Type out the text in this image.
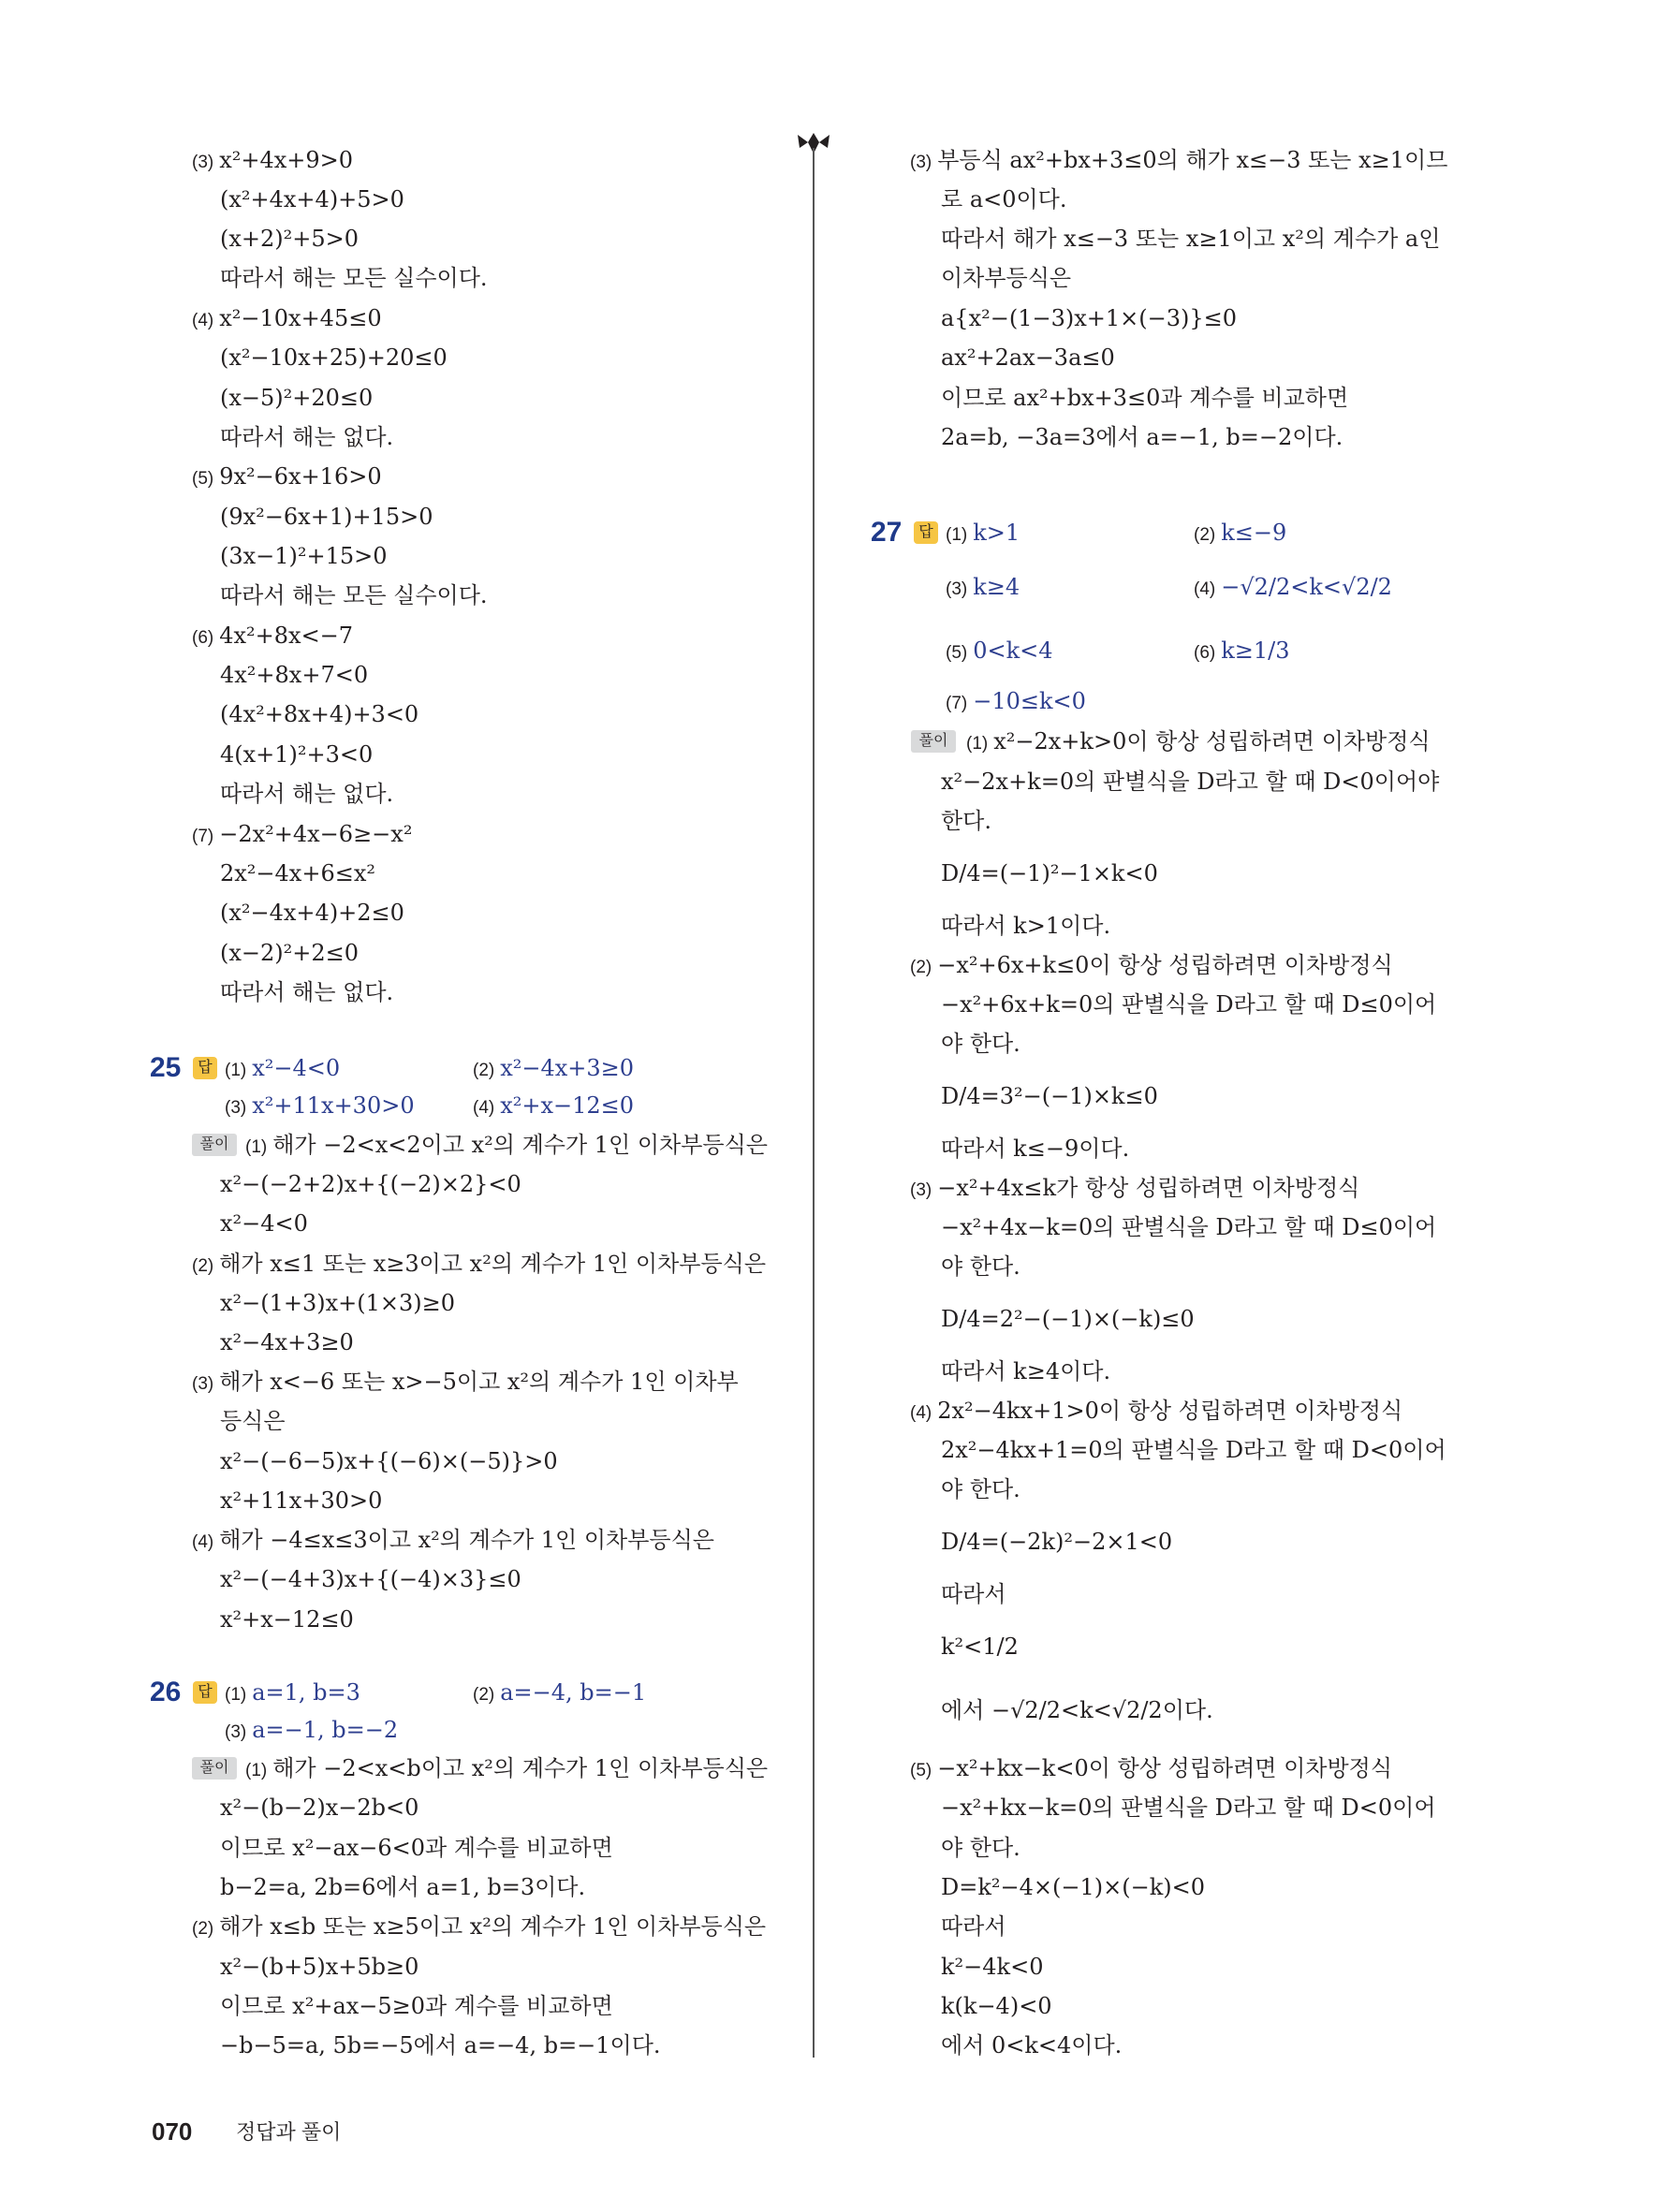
(3) x²+4x+9>0
(x²+4x+4)+5>0
(x+2)²+5>0
따라서 해는 모든 실수이다.
(4) x²−10x+45≤0
(x²−10x+25)+20≤0
(x−5)²+20≤0
따라서 해는 없다.
(5) 9x²−6x+16>0
(9x²−6x+1)+15>0
(3x−1)²+15>0
따라서 해는 모든 실수이다.
(6) 4x²+8x<−7
4x²+8x+7<0
(4x²+8x+4)+3<0
4(x+1)²+3<0
따라서 해는 없다.
(7) −2x²+4x−6≥−x²
2x²−4x+6≤x²
(x²−4x+4)+2≤0
(x−2)²+2≤0
따라서 해는 없다.
25	답 (1) x²−4<0	(2) x²−4x+3≥0
(3) x²+11x+30>0	(4) x²+x−12≤0
풀이 (1) 해가 −2<x<2이고 x²의 계수가 1인 이차부등식은
x²−(−2+2)x+{(−2)×2}<0
x²−4<0
(2) 해가 x≤1 또는 x≥3이고 x²의 계수가 1인 이차부등식은
x²−(1+3)x+(1×3)≥0
x²−4x+3≥0
(3) 해가 x<−6 또는 x>−5이고 x²의 계수가 1인 이차부
등식은
x²−(−6−5)x+{(−6)×(−5)}>0
x²+11x+30>0
(4) 해가 −4≤x≤3이고 x²의 계수가 1인 이차부등식은
x²−(−4+3)x+{(−4)×3}≤0
x²+x−12≤0
26	답 (1) a=1, b=3	(2) a=−4, b=−1
(3) a=−1, b=−2
풀이 (1) 해가 −2<x<b이고 x²의 계수가 1인 이차부등식은
x²−(b−2)x−2b<0
이므로 x²−ax−6<0과 계수를 비교하면
b−2=a, 2b=6에서 a=1, b=3이다.
(2) 해가 x≤b 또는 x≥5이고 x²의 계수가 1인 이차부등식은
x²−(b+5)x+5b≥0
이므로 x²+ax−5≥0과 계수를 비교하면
−b−5=a, 5b=−5에서 a=−4, b=−1이다.
(3) 부등식 ax²+bx+3≤0의 해가 x≤−3 또는 x≥1이므
로 a<0이다.
따라서 해가 x≤−3 또는 x≥1이고 x²의 계수가 a인
이차부등식은
a{x²−(1−3)x+1×(−3)}≤0
ax²+2ax−3a≤0
이므로 ax²+bx+3≤0과 계수를 비교하면
2a=b, −3a=3에서 a=−1, b=−2이다.
27	답 (1) k>1	(2) k≤−9
(3) k≥4	(4) −√2/2<k<√2/2
(5) 0<k<4	(6) k≥1/3
(7) −10≤k<0
풀이	(1) x²−2x+k>0이 항상 성립하려면 이차방정식
x²−2x+k=0의 판별식을 D라고 할 때 D<0이어야
한다.
D/4=(−1)²−1×k<0
따라서 k>1이다.
(2) −x²+6x+k≤0이 항상 성립하려면 이차방정식
−x²+6x+k=0의 판별식을 D라고 할 때 D≤0이어
야 한다.
D/4=3²−(−1)×k≤0
따라서 k≤−9이다.
(3) −x²+4x≤k가 항상 성립하려면 이차방정식
−x²+4x−k=0의 판별식을 D라고 할 때 D≤0이어
야 한다.
D/4=2²−(−1)×(−k)≤0
따라서 k≥4이다.
(4) 2x²−4kx+1>0이 항상 성립하려면 이차방정식
2x²−4kx+1=0의 판별식을 D라고 할 때 D<0이어
야 한다.
D/4=(−2k)²−2×1<0
따라서
k²<1/2
에서 −√2/2<k<√2/2이다.
(5) −x²+kx−k<0이 항상 성립하려면 이차방정식
−x²+kx−k=0의 판별식을 D라고 할 때 D<0이어
야 한다.
D=k²−4×(−1)×(−k)<0
따라서
k²−4k<0
k(k−4)<0
에서 0<k<4이다.
070 정답과 풀이
